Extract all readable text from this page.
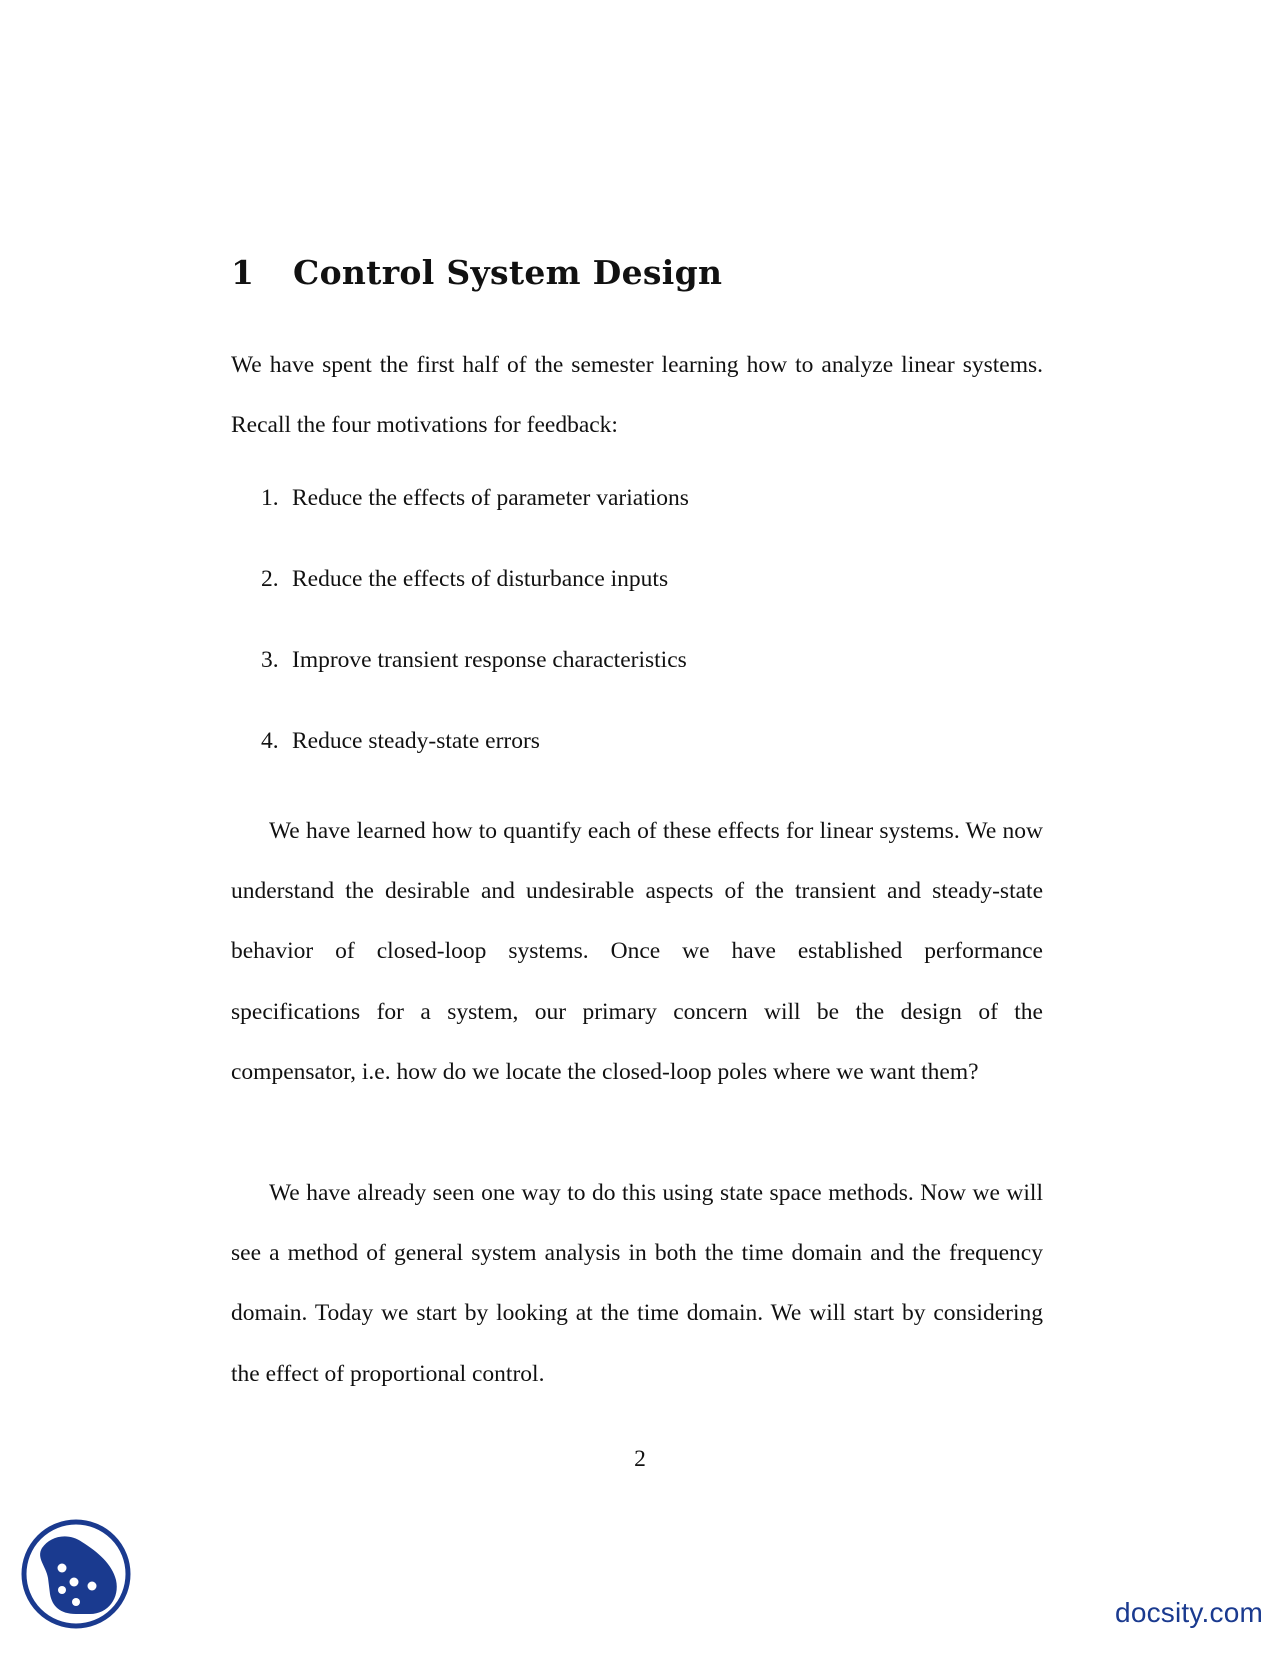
1 Control System Design

We have spent the first half of the semester learning how to analyze linear systems. Recall the four motivations for feedback:

1. Reduce the effects of parameter variations
2. Reduce the effects of disturbance inputs
3. Improve transient response characteristics
4. Reduce steady-state errors

We have learned how to quantify each of these effects for linear systems. We now understand the desirable and undesirable aspects of the transient and steady-state behavior of closed-loop systems. Once we have established performance specifications for a system, our primary concern will be the design of the compensator, i.e. how do we locate the closed-loop poles where we want them?

We have already seen one way to do this using state space methods. Now we will see a method of general system analysis in both the time domain and the frequency domain. Today we start by looking at the time domain. We will start by considering the effect of proportional control.

2
docsity.com
